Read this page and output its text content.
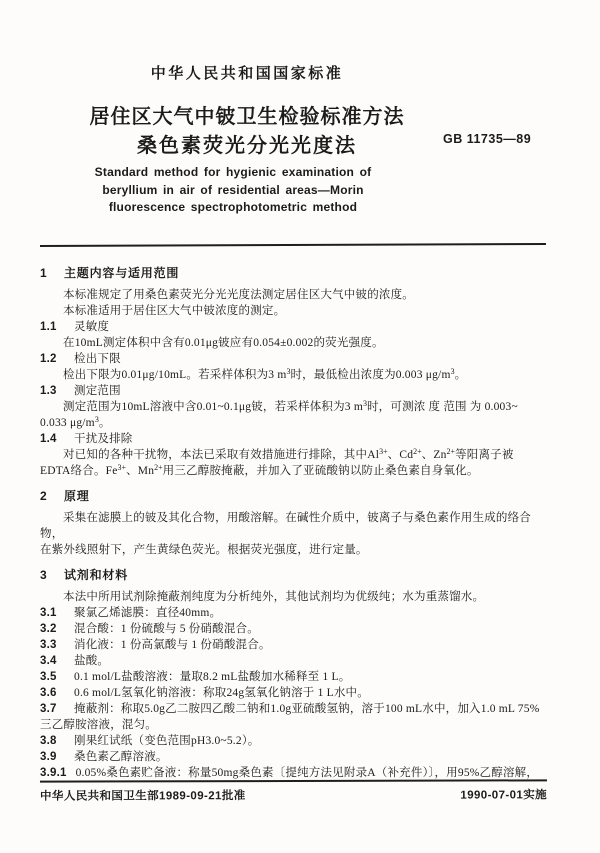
中华人民共和国国家标准
居住区大气中铍卫生检验标准方法
桑色素荧光分光光度法	GB 11735—89
Standard method for hygienic examination of
beryllium in air of residential areas—Morin
fluorescence spectrophotometric method
1 主题内容与适用范围
本标准规定了用桑色素荧光分光光度法测定居住区大气中铍的浓度。
本标准适用于居住区大气中铍浓度的测定。
1.1 灵敏度
在10mL测定体积中含有0.01μg铍应有0.054±0.002的荧光强度。
1.2 检出下限
检出下限为0.01μg/10mL。若采样体积为3 $m^3$时，最低检出浓度为0.003 $\mu g/m^3$。
1.3 测定范围
测定范围为10mL溶液中含0.01~0.1μg铍，若采样体积为3 $m^3$时，可测浓 度 范围 为 0.003~
0.033 $\mu g/m^3$。
1.4 干扰及排除
对已知的各种干扰物，本法已采取有效措施进行排除，其中$Al^{3+}$、$Cd^{2+}$、$Zn^{2+}$等阳离子被
EDTA络合。$Fe^{3+}$、$Mn^{2+}$用三乙醇胺掩蔽，并加入了亚硫酸钠以防止桑色素自身氧化。
2 原理
采集在滤膜上的铍及其化合物，用酸溶解。在碱性介质中，铍离子与桑色素作用生成的络合物，
在紫外线照射下，产生黄绿色荧光。根据荧光强度，进行定量。
3 试剂和材料
本法中所用试剂除掩蔽剂纯度为分析纯外，其他试剂均为优级纯；水为重蒸馏水。
3.1 聚氯乙烯滤膜：直径40mm。
3.2 混合酸：1 份硫酸与 5 份硝酸混合。
3.3 消化液：1 份高氯酸与 1 份硝酸混合。
3.4 盐酸。
3.5 0.1 mol/L盐酸溶液：量取8.2 mL盐酸加水稀释至 1 L。
3.6 0.6 mol/L氢氧化钠溶液：称取24g氢氧化钠溶于 1 L水中。
3.7 掩蔽剂：称取5.0g乙二胺四乙酸二钠和1.0g亚硫酸氢钠，溶于100 mL水中，加入1.0 mL 75%
三乙醇胺溶液，混匀。
3.8 刚果红试纸（变色范围pH3.0~5.2）。
3.9 桑色素乙醇溶液。
3.9.1 0.05%桑色素贮备液：称量50mg桑色素〔提纯方法见附录A（补充件）〕，用95%乙醇溶解，
中华人民共和国卫生部1989-09-21批准	1990-07-01实施
